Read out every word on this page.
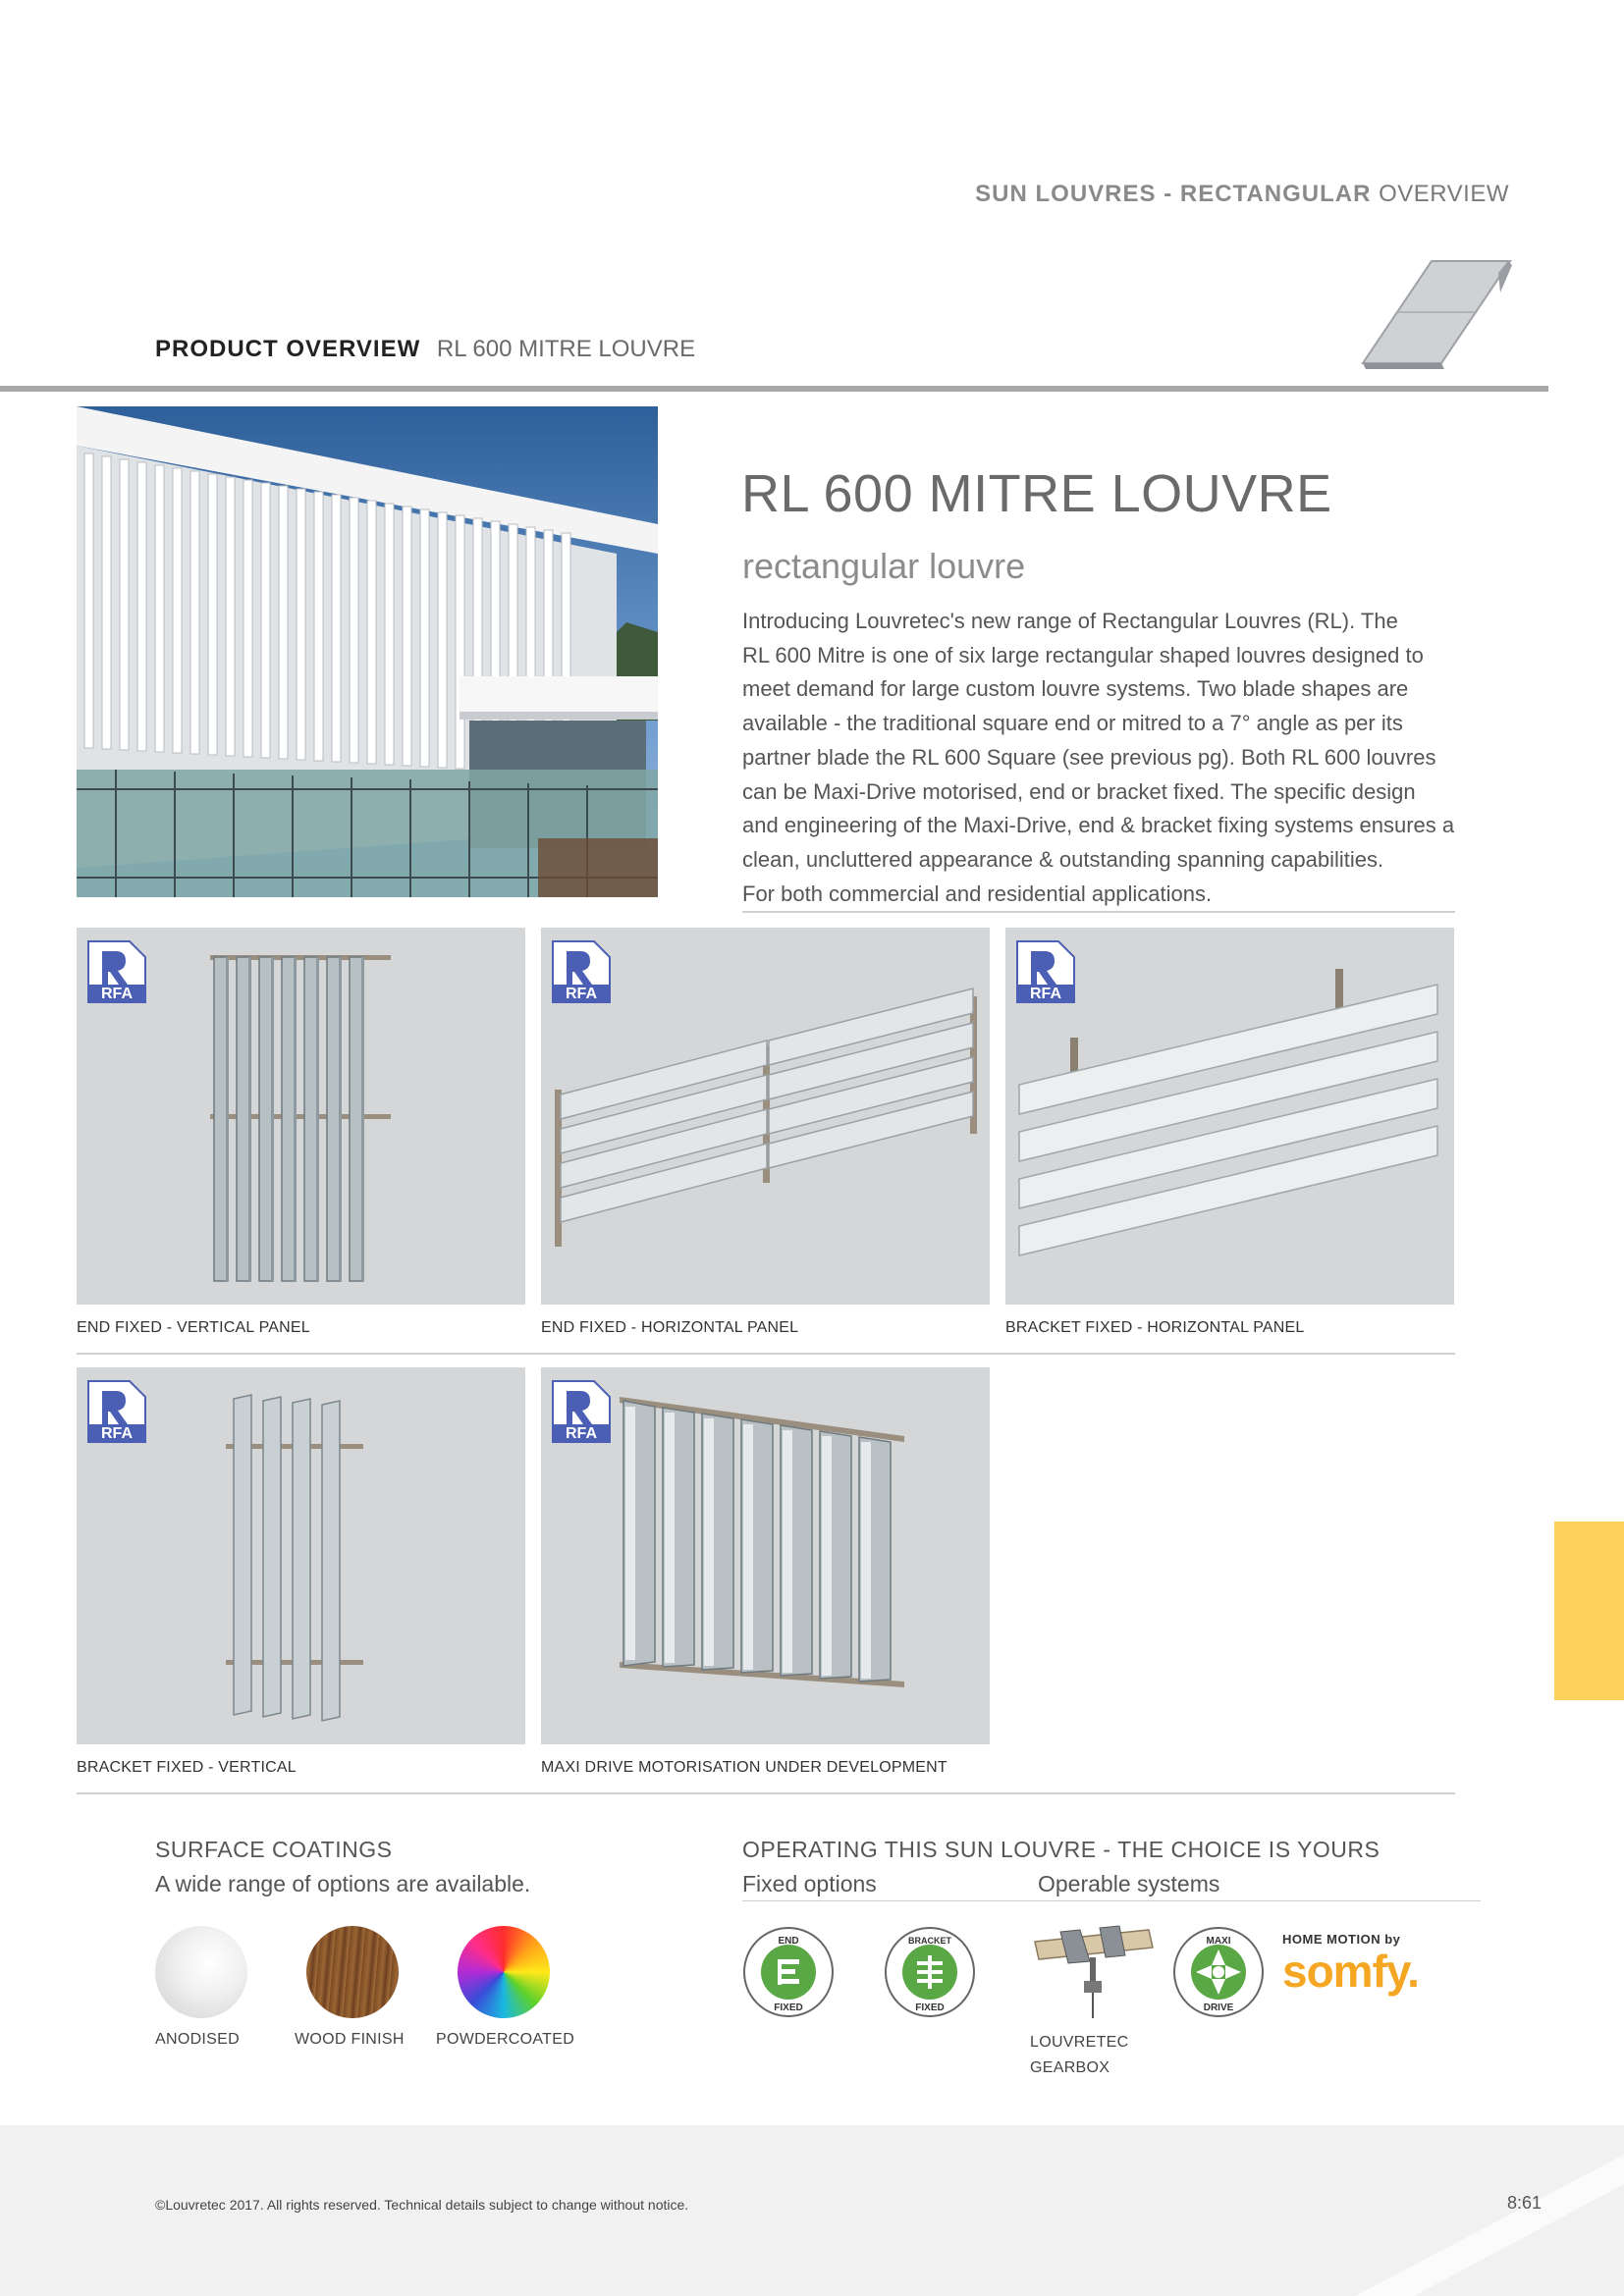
SUN LOUVRES - RECTANGULAR OVERVIEW
PRODUCT OVERVIEW RL 600 MITRE LOUVRE
RL 600 MITRE LOUVRE
rectangular louvre
Introducing Louvretec's new range of Rectangular Louvres (RL). The
RL 600 Mitre is one of six large rectangular shaped louvres designed to
meet demand for large custom louvre systems. Two blade shapes are
available - the traditional square end or mitred to a 7° angle as per its
partner blade the RL 600 Square (see previous pg). Both RL 600 louvres
can be Maxi-Drive motorised, end or bracket fixed. The specific design
and engineering of the Maxi-Drive, end & bracket fixing systems ensures a
clean, uncluttered appearance & outstanding spanning capabilities.
For both commercial and residential applications.
RFA
END FIXED - VERTICAL PANEL
RFA
END FIXED - HORIZONTAL PANEL
RFA
BRACKET FIXED - HORIZONTAL PANEL
RFA
BRACKET FIXED - VERTICAL
RFA
MAXI DRIVE MOTORISATION UNDER DEVELOPMENT
SURFACE COATINGS
A wide range of options are available.
ANODISED	WOOD FINISH POWDERCOATED
OPERATING THIS SUN LOUVRE - THE CHOICE IS YOURS
Fixed options	Operable systems
END
FIXED
BRACKET
FIXED
LOUVRETEC
GEARBOX
MAXI
DRIVE
HOME MOTION by
somfy.
©Louvretec 2017. All rights reserved. Technical details subject to change without notice.	8:61
